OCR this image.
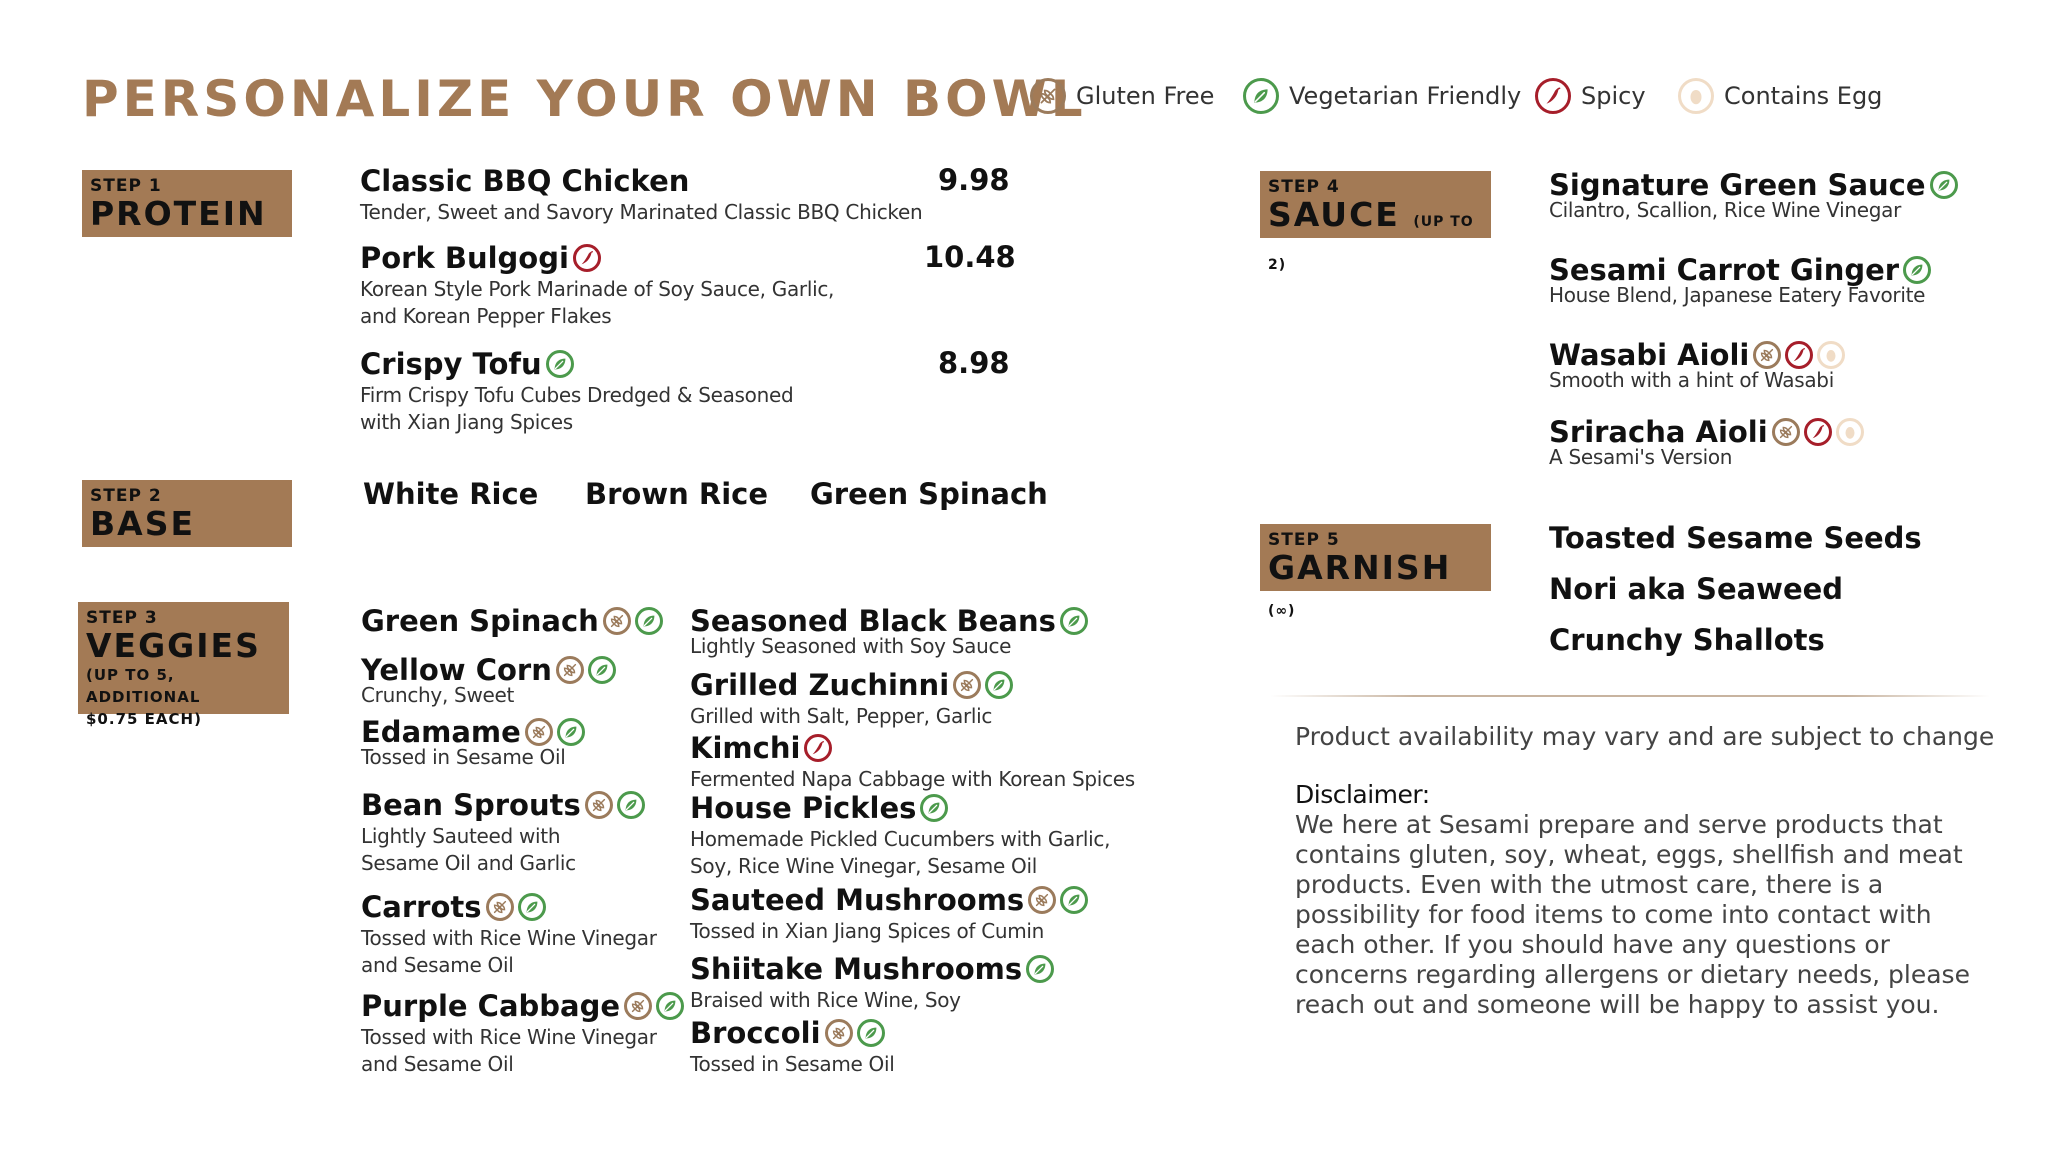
PERSONALIZE YOUR OWN BOWL
Gluten Free	Vegetarian Friendly Spicy	Contains Egg
STEP 1
PROTEIN
Classic BBQ Chicken
Tender, Sweet and Savory Marinated Classic BBQ Chicken
9.98
Pork Bulgogi
Korean Style Pork Marinade of Soy Sauce, Garlic,
and Korean Pepper Flakes
10.48
Crispy Tofu
Firm Crispy Tofu Cubes Dredged & Seasoned
with Xian Jiang Spices
8.98
STEP 2
BASE
White Rice Brown Rice Green Spinach
STEP 3
VEGGIES
(UP TO 5, ADDITIONAL
$0.75 EACH)
Green Spinach
Yellow Corn
Crunchy, Sweet
Edamame
Tossed in Sesame Oil
Bean Sprouts
Lightly Sauteed with
Sesame Oil and Garlic
Carrots
Tossed with Rice Wine Vinegar
and Sesame Oil
Purple Cabbage
Tossed with Rice Wine Vinegar
and Sesame Oil
Seasoned Black Beans
Lightly Seasoned with Soy Sauce
Grilled Zuchinni
Grilled with Salt, Pepper, Garlic
Kimchi
Fermented Napa Cabbage with Korean Spices
House Pickles
Homemade Pickled Cucumbers with Garlic,
Soy, Rice Wine Vinegar, Sesame Oil
Sauteed Mushrooms
Tossed in Xian Jiang Spices of Cumin
Shiitake Mushrooms
Braised with Rice Wine, Soy
Broccoli
Tossed in Sesame Oil
STEP 4
SAUCE (UP TO 2)
Signature Green Sauce
Cilantro, Scallion, Rice Wine Vinegar
Sesami Carrot Ginger
House Blend, Japanese Eatery Favorite
Wasabi Aioli
Smooth with a hint of Wasabi
Sriracha Aioli
A Sesami's Version
STEP 5
GARNISH (∞)
Toasted Sesame Seeds
Nori aka Seaweed
Crunchy Shallots
Product availability may vary and are subject to change
Disclaimer:
We here at Sesami prepare and serve products that contains gluten, soy, wheat, eggs, shellfish and meat products. Even with the utmost care, there is a possibility for food items to come into contact with each other. If you should have any questions or concerns regarding allergens or dietary needs, please reach out and someone will be happy to assist you.
